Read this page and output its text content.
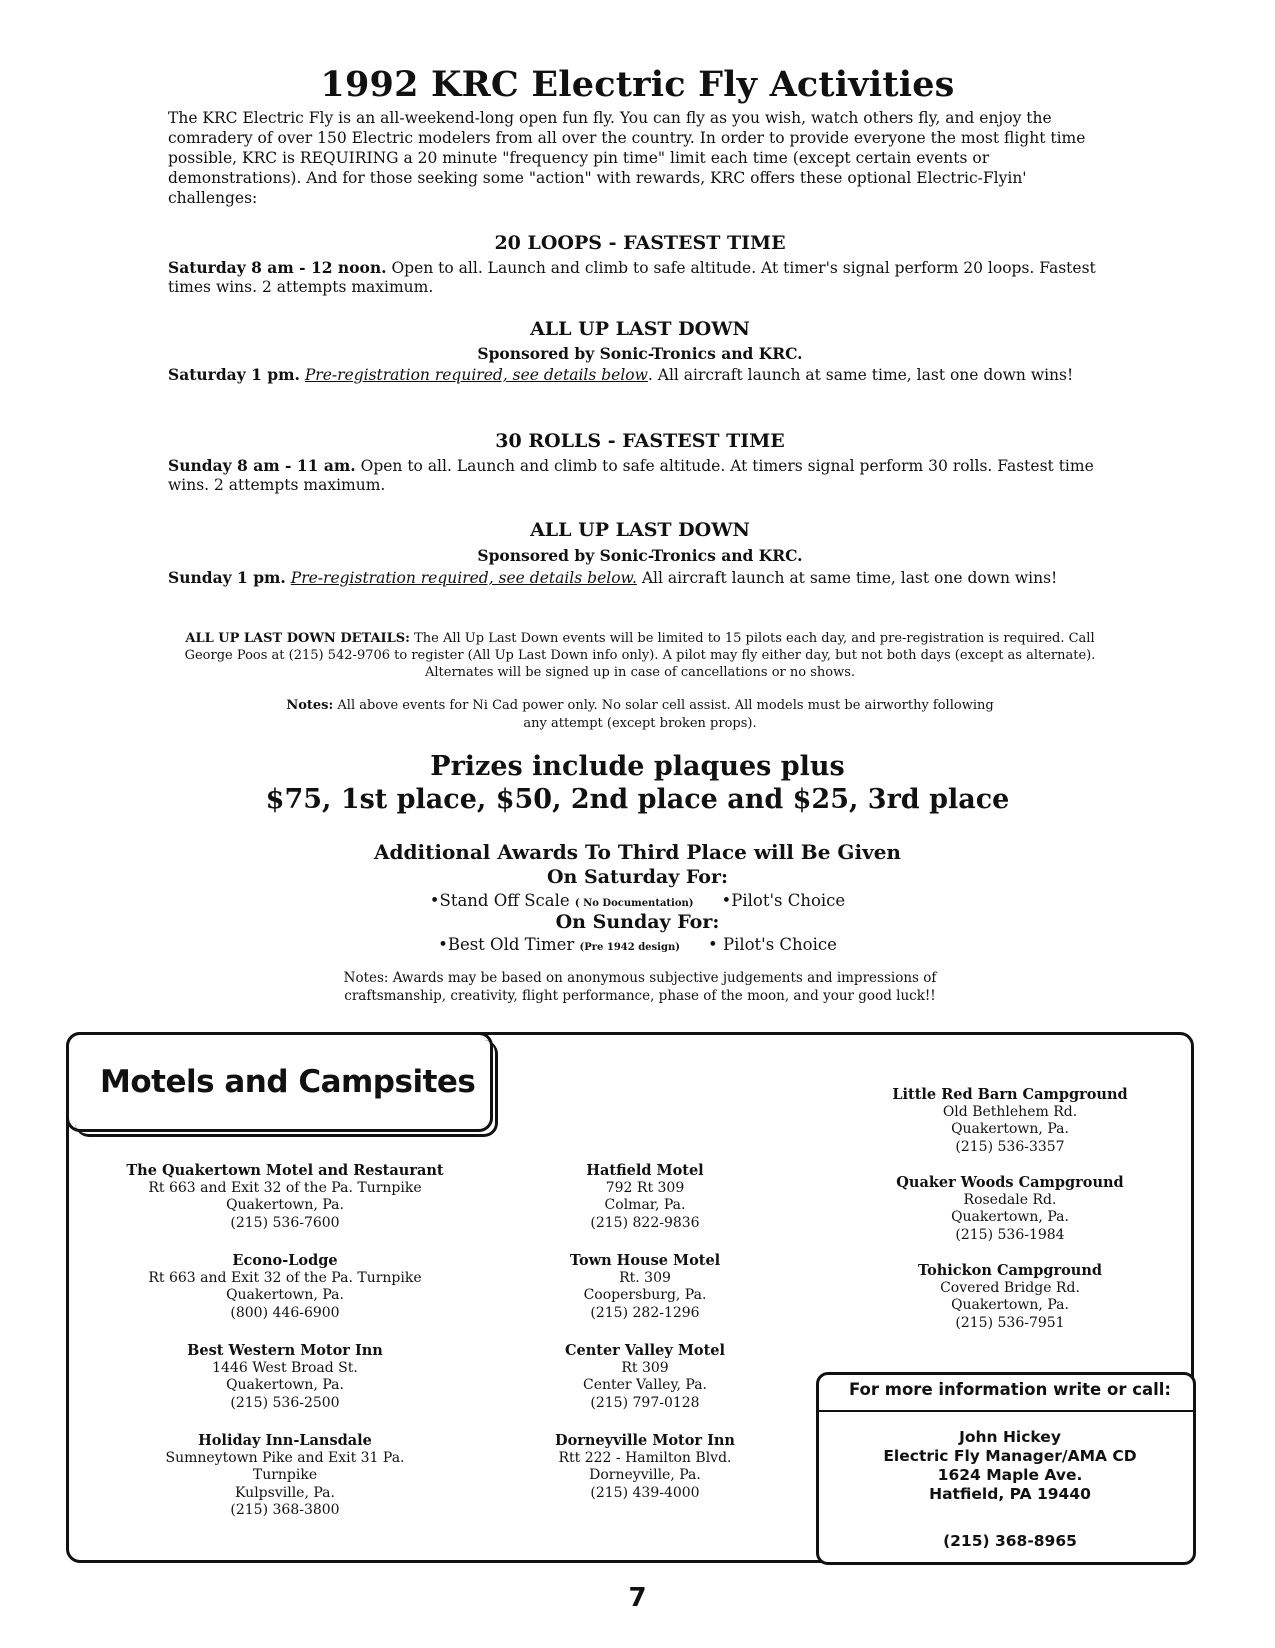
1992 KRC Electric Fly Activities

The KRC Electric Fly is an all-weekend-long open fun fly. You can fly as you wish, watch others fly, and enjoy the comradery of over 150 Electric modelers from all over the country. In order to provide everyone the most flight time possible, KRC is REQUIRING a 20 minute "frequency pin time" limit each time (except certain events or demonstrations). And for those seeking some "action" with rewards, KRC offers these optional Electric-Flyin' challenges:

20 LOOPS - FASTEST TIME

Saturday 8 am - 12 noon. Open to all. Launch and climb to safe altitude. At timer's signal perform 20 loops. Fastest times wins. 2 attempts maximum.

ALL UP LAST DOWN
Sponsored by Sonic-Tronics and KRC.

Saturday 1 pm. Pre-registration required, see details below. All aircraft launch at same time, last one down wins!

30 ROLLS - FASTEST TIME

Sunday 8 am - 11 am. Open to all. Launch and climb to safe altitude. At timers signal perform 30 rolls. Fastest time wins. 2 attempts maximum.

ALL UP LAST DOWN
Sponsored by Sonic-Tronics and KRC.

Sunday 1 pm. Pre-registration required, see details below. All aircraft launch at same time, last one down wins!

ALL UP LAST DOWN DETAILS: The All Up Last Down events will be limited to 15 pilots each day, and pre-registration is required. Call George Poos at (215) 542-9706 to register (All Up Last Down info only). A pilot may fly either day, but not both days (except as alternate). Alternates will be signed up in case of cancellations or no shows.

Notes: All above events for Ni Cad power only. No solar cell assist. All models must be airworthy following any attempt (except broken props).

Prizes include plaques plus
$75, 1st place, $50, 2nd place and $25, 3rd place
Additional Awards To Third Place will Be Given
On Saturday For:
•Stand Off Scale ( No Documentation) •Pilot's Choice
On Sunday For:
•Best Old Timer (Pre 1942 design) • Pilot's Choice

Notes: Awards may be based on anonymous subjective judgements and impressions of craftsmanship, creativity, flight performance, phase of the moon, and your good luck!!

Motels and Campsites
The Quakertown Motel and Restaurant
Rt 663 and Exit 32 of the Pa. Turnpike
Quakertown, Pa.
(215) 536-7600
Econo-Lodge
Rt 663 and Exit 32 of the Pa. Turnpike
Quakertown, Pa.
(800) 446-6900
Best Western Motor Inn
1446 West Broad St.
Quakertown, Pa.
(215) 536-2500
Holiday Inn-Lansdale
Sumneytown Pike and Exit 31 Pa.
Turnpike
Kulpsville, Pa.
(215) 368-3800
Hatfield Motel
792 Rt 309
Colmar, Pa.
(215) 822-9836
Town House Motel
Rt. 309
Coopersburg, Pa.
(215) 282-1296
Center Valley Motel
Rt 309
Center Valley, Pa.
(215) 797-0128
Dorneyville Motor Inn
Rtt 222 - Hamilton Blvd.
Dorneyville, Pa.
(215) 439-4000
Little Red Barn Campground
Old Bethlehem Rd.
Quakertown, Pa.
(215) 536-3357
Quaker Woods Campground
Rosedale Rd.
Quakertown, Pa.
(215) 536-1984
Tohickon Campground
Covered Bridge Rd.
Quakertown, Pa.
(215) 536-7951
For more information write or call:
John Hickey
Electric Fly Manager/AMA CD
1624 Maple Ave.
Hatfield, PA 19440
(215) 368-8965
7
